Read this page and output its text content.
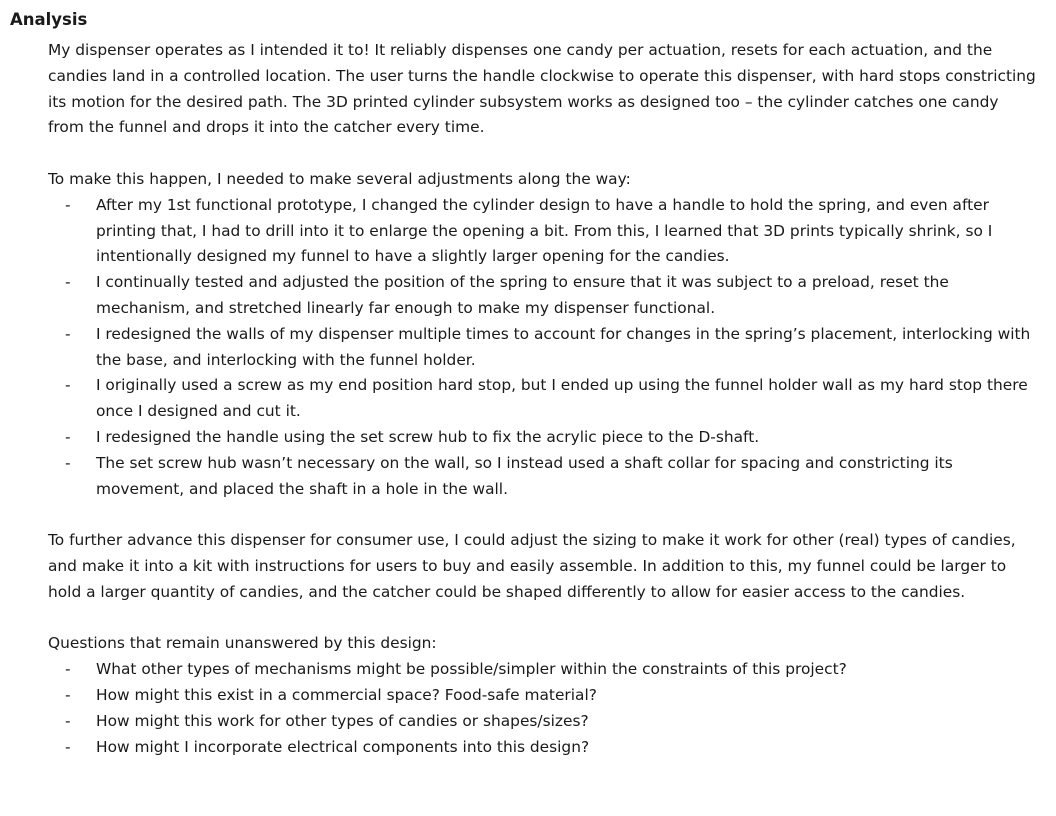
Analysis

My dispenser operates as I intended it to! It reliably dispenses one candy per actuation, resets for each actuation, and the candies land in a controlled location. The user turns the handle clockwise to operate this dispenser, with hard stops constricting its motion for the desired path. The 3D printed cylinder subsystem works as designed too – the cylinder catches one candy from the funnel and drops it into the catcher every time.

To make this happen, I needed to make several adjustments along the way:

- After my 1st functional prototype, I changed the cylinder design to have a handle to hold the spring, and even after printing that, I had to drill into it to enlarge the opening a bit. From this, I learned that 3D prints typically shrink, so I intentionally designed my funnel to have a slightly larger opening for the candies.
- I continually tested and adjusted the position of the spring to ensure that it was subject to a preload, reset the mechanism, and stretched linearly far enough to make my dispenser functional.
- I redesigned the walls of my dispenser multiple times to account for changes in the spring’s placement, interlocking with the base, and interlocking with the funnel holder.
- I originally used a screw as my end position hard stop, but I ended up using the funnel holder wall as my hard stop there once I designed and cut it.
- I redesigned the handle using the set screw hub to fix the acrylic piece to the D-shaft.
- The set screw hub wasn’t necessary on the wall, so I instead used a shaft collar for spacing and constricting its movement, and placed the shaft in a hole in the wall.

To further advance this dispenser for consumer use, I could adjust the sizing to make it work for other (real) types of candies, and make it into a kit with instructions for users to buy and easily assemble. In addition to this, my funnel could be larger to hold a larger quantity of candies, and the catcher could be shaped differently to allow for easier access to the candies.

Questions that remain unanswered by this design:

- What other types of mechanisms might be possible/simpler within the constraints of this project?
- How might this exist in a commercial space? Food-safe material?
- How might this work for other types of candies or shapes/sizes?
- How might I incorporate electrical components into this design?
